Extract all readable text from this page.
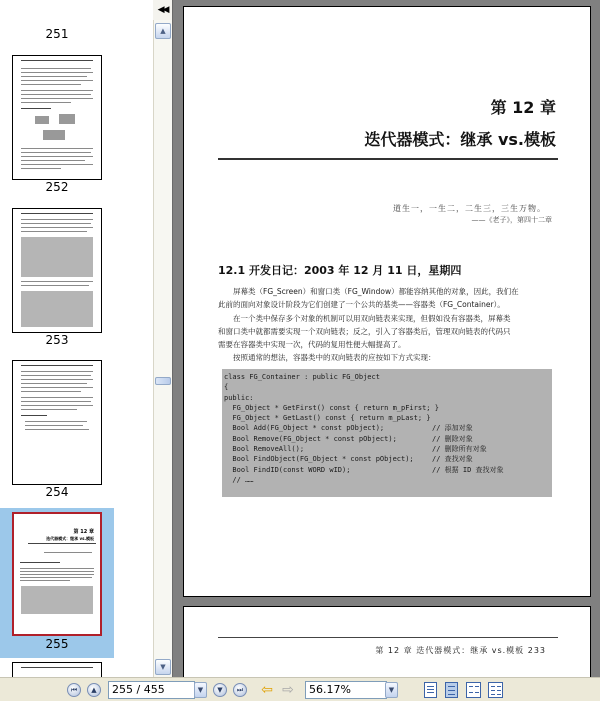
251
252
253
254
第 12 章
迭代器模式：继承 vs.模板
255
◀◀
▲
▼
第 12 章
迭代器模式：继承 vs.模板
道生一，一生二，二生三，三生万物。
——《老子》，第四十二章
12.1 开发日记：2003 年 12 月 11 日，星期四
屏幕类（FG_Screen）和窗口类（FG_Window）都能容纳其他的对象，因此，我们在
此前的面向对象设计阶段为它们创建了一个公共的基类——容器类（FG_Container）。
在一个类中保存多个对象的机制可以用双向链表来实现，但假如没有容器类，屏幕类
和窗口类中就都需要实现一个双向链表；反之，引入了容器类后，管理双向链表的代码只
需要在容器类中实现一次，代码的复用性便大幅提高了。
按照通常的想法，容器类中的双向链表的应按如下方式实现：
class FG_Container : public FG_Object
{
public:
FG_Object * GetFirst() const { return m_pFirst; }
FG_Object * GetLast() const { return m_pLast; }
Bool Add(FG_Object * const pObject);	// 添加对象
Bool Remove(FG_Object * const pObject);	// 删除对象
Bool RemoveAll();	// 删除所有对象
Bool FindObject(FG_Object * const pObject);	// 查找对象
Bool FindID(const WORD wID);	// 根据 ID 查找对象
// ……
第 12 章 迭代器模式：继承 vs.模板 233
⏮	▲	255 / 455	▼	▼	⏭ ⇦ ⇨	56.17%	▼
